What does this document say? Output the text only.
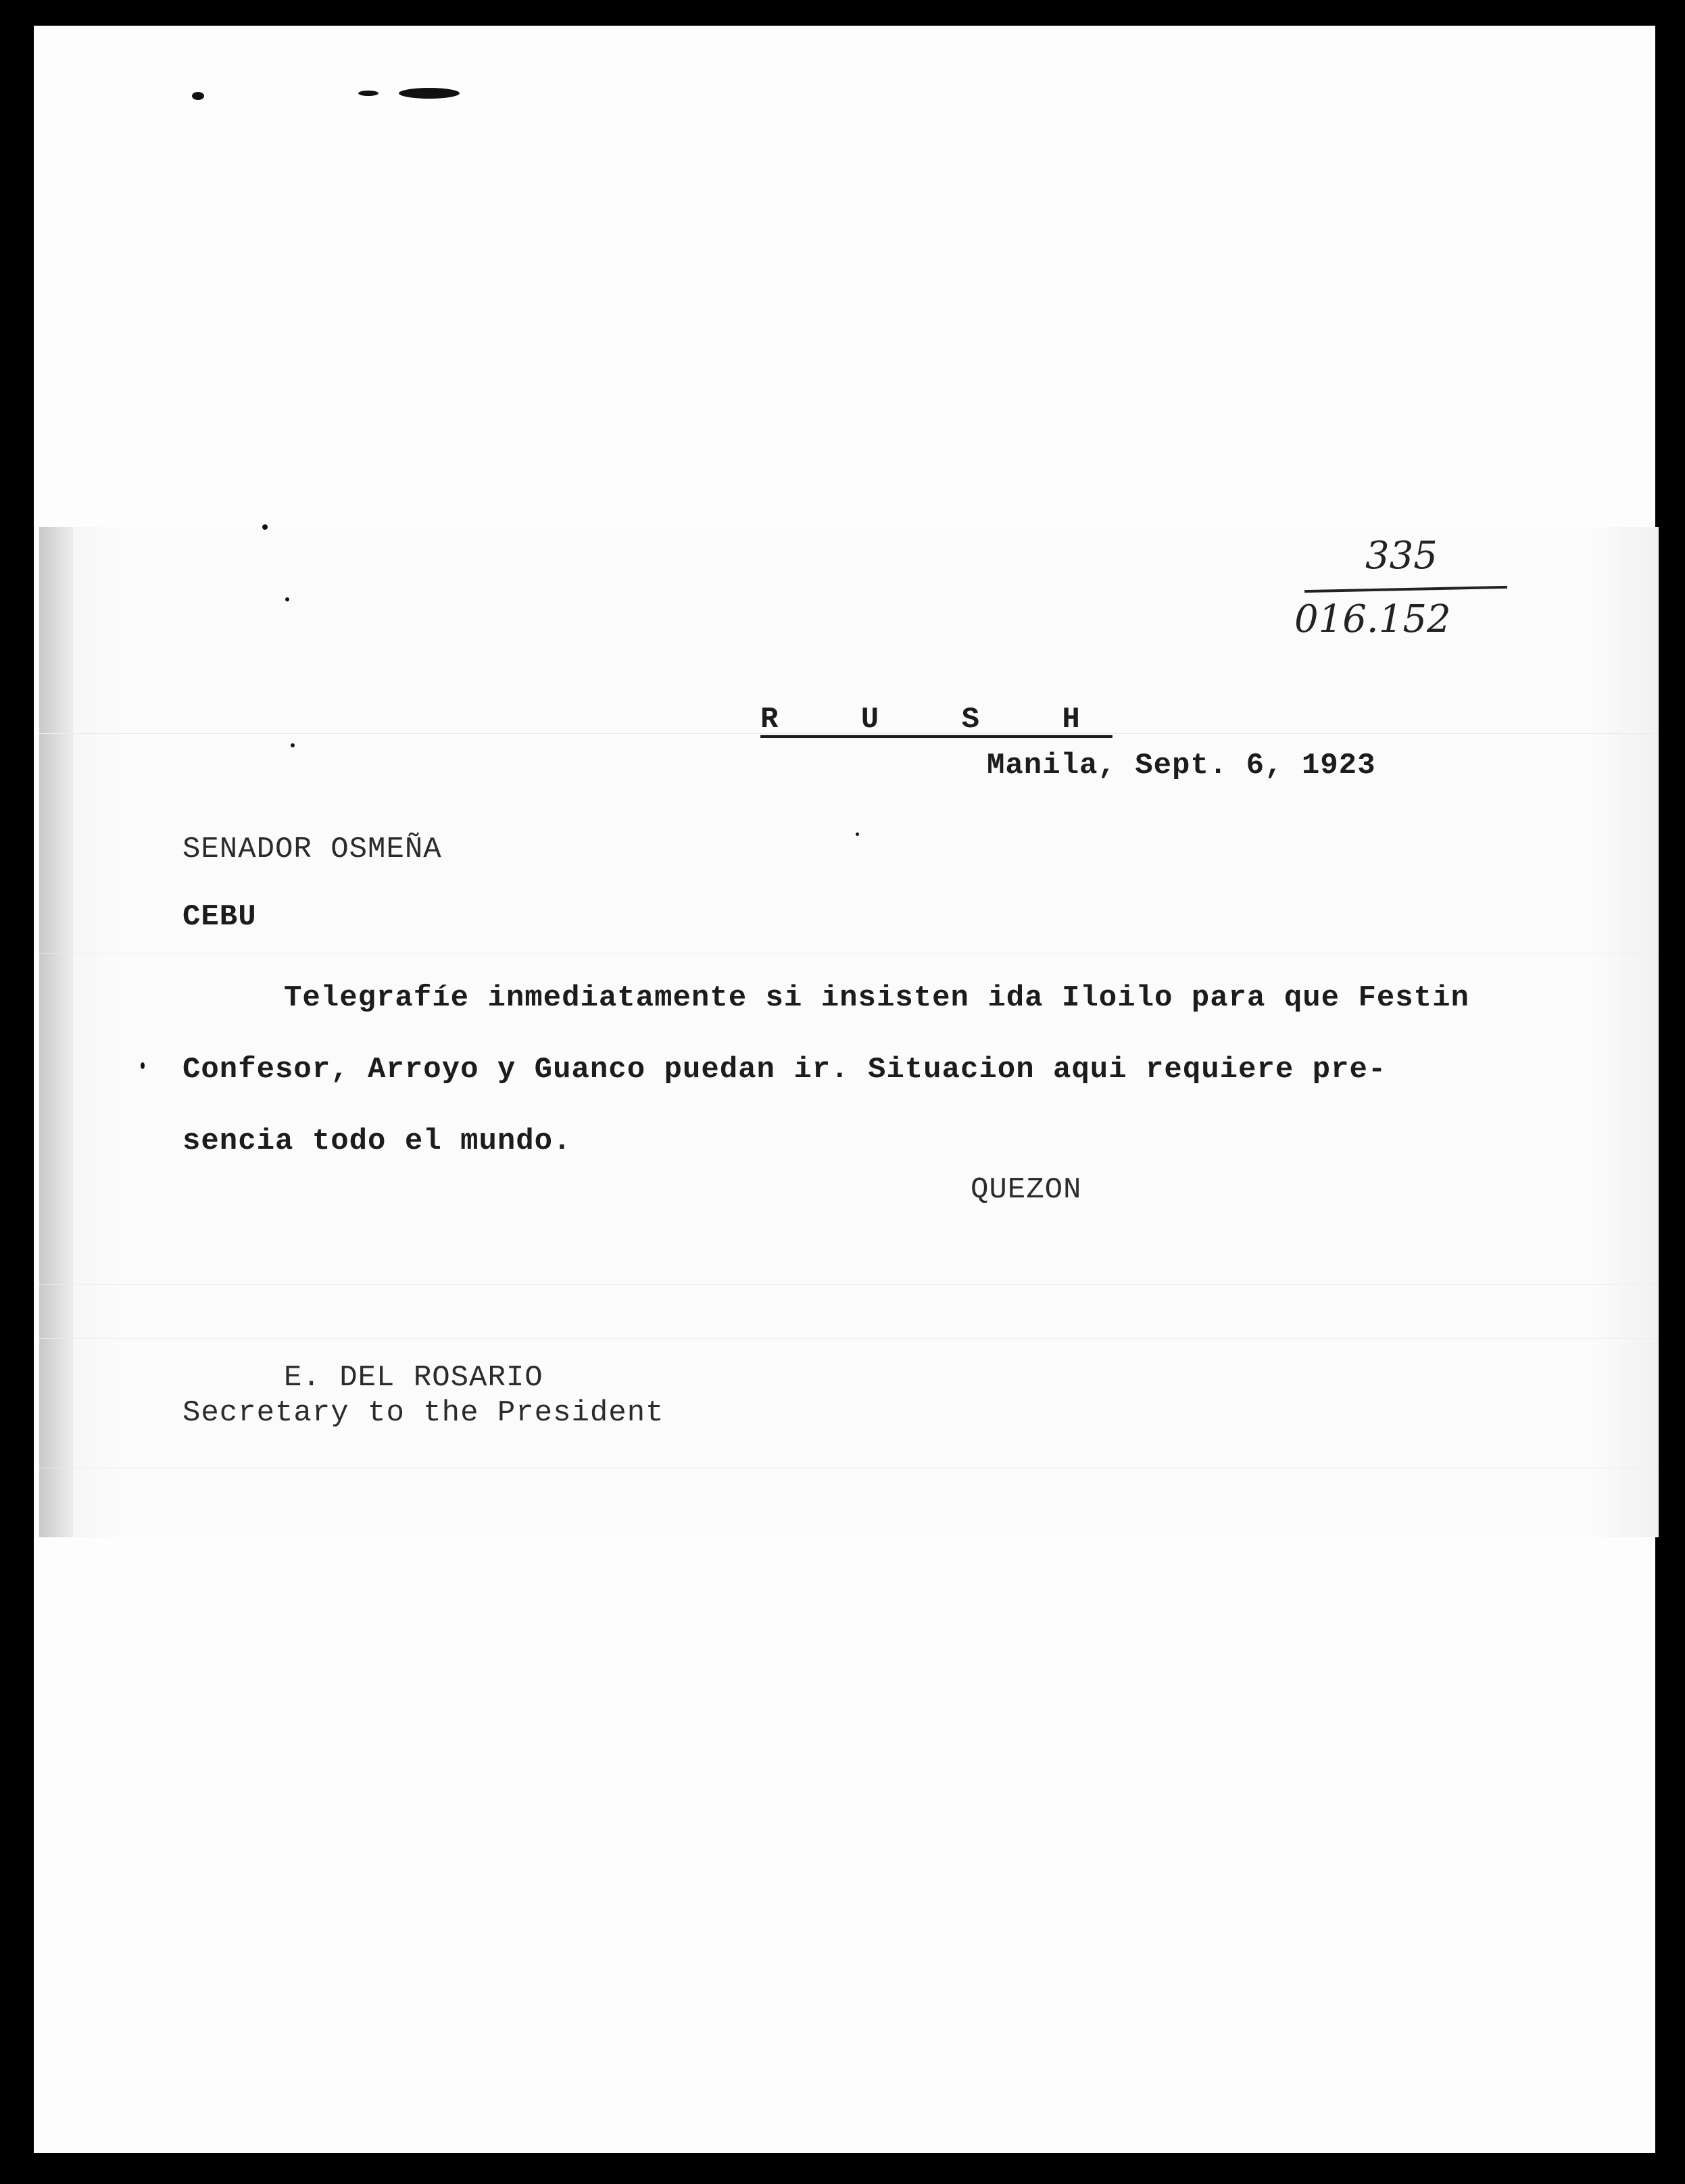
335
016.152
R U S H
Manila, Sept. 6, 1923
SENADOR OSMEÑA
CEBU
Telegrafíe inmediatamente si insisten ida Iloilo para que Festin
Confesor, Arroyo y Guanco puedan ir. Situacion aqui requiere pre-
sencia todo el mundo.
QUEZON
E. DEL ROSARIO
Secretary to the President
